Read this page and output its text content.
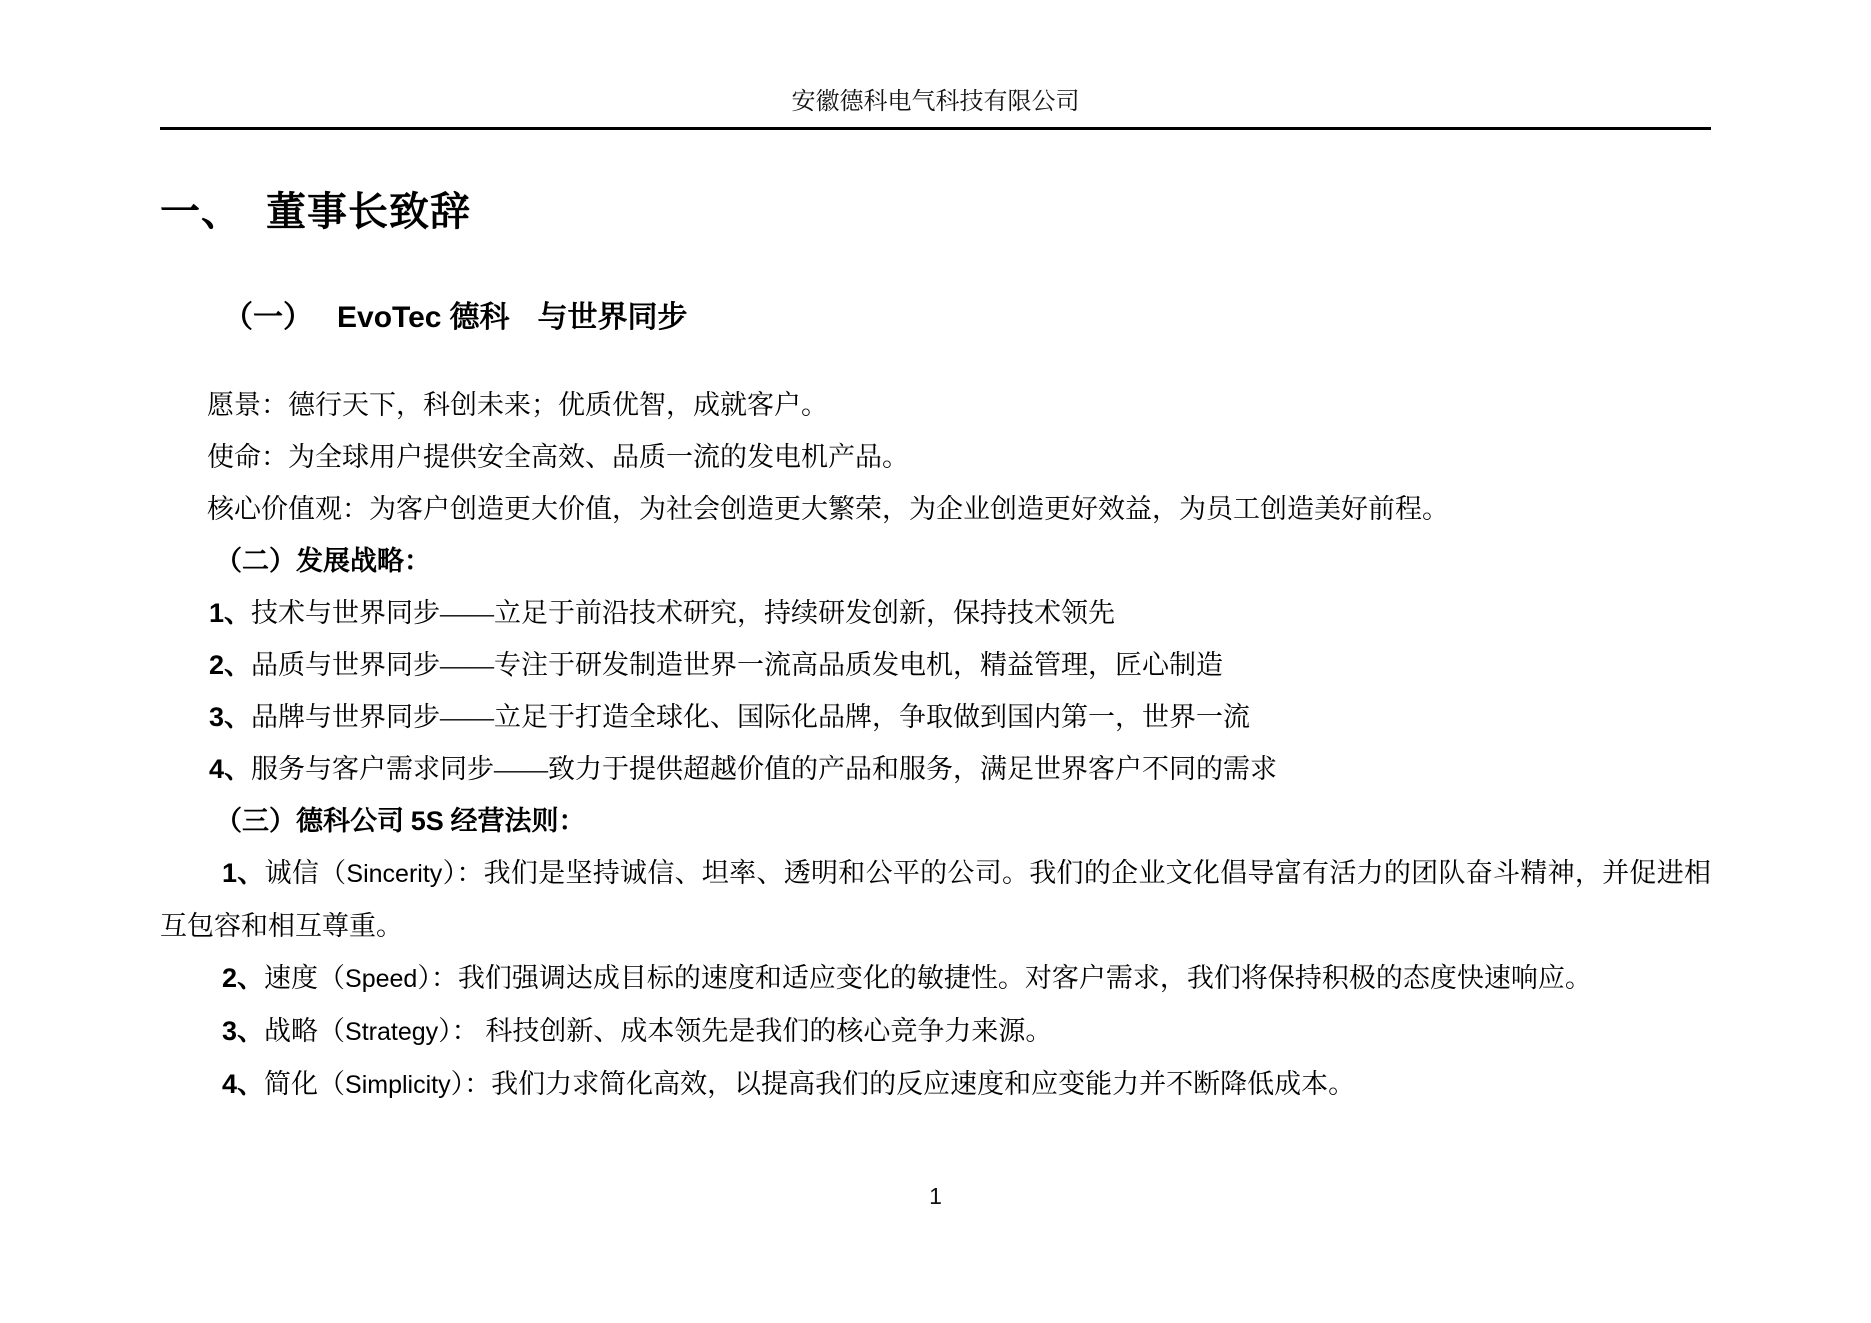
安徽德科电气科技有限公司
一、 董事长致辞
（一） EvoTec 德科 与世界同步

愿景：德行天下，科创未来；优质优智，成就客户。

使命：为全球用户提供安全高效、品质一流的发电机产品。

核心价值观：为客户创造更大价值，为社会创造更大繁荣，为企业创造更好效益，为员工创造美好前程。

（二）发展战略：

1、技术与世界同步——立足于前沿技术研究，持续研发创新，保持技术领先

2、品质与世界同步——专注于研发制造世界一流高品质发电机，精益管理，匠心制造

3、品牌与世界同步——立足于打造全球化、国际化品牌，争取做到国内第一，世界一流

4、服务与客户需求同步——致力于提供超越价值的产品和服务，满足世界客户不同的需求

（三）德科公司 5S 经营法则：

1、诚信（Sincerity）：我们是坚持诚信、坦率、透明和公平的公司。我们的企业文化倡导富有活力的团队奋斗精神，并促进相互包容和相互尊重。

2、速度（Speed）：我们强调达成目标的速度和适应变化的敏捷性。对客户需求，我们将保持积极的态度快速响应。

3、战略（Strategy）： 科技创新、成本领先是我们的核心竞争力来源。

4、简化（Simplicity）：我们力求简化高效，以提高我们的反应速度和应变能力并不断降低成本。

1
